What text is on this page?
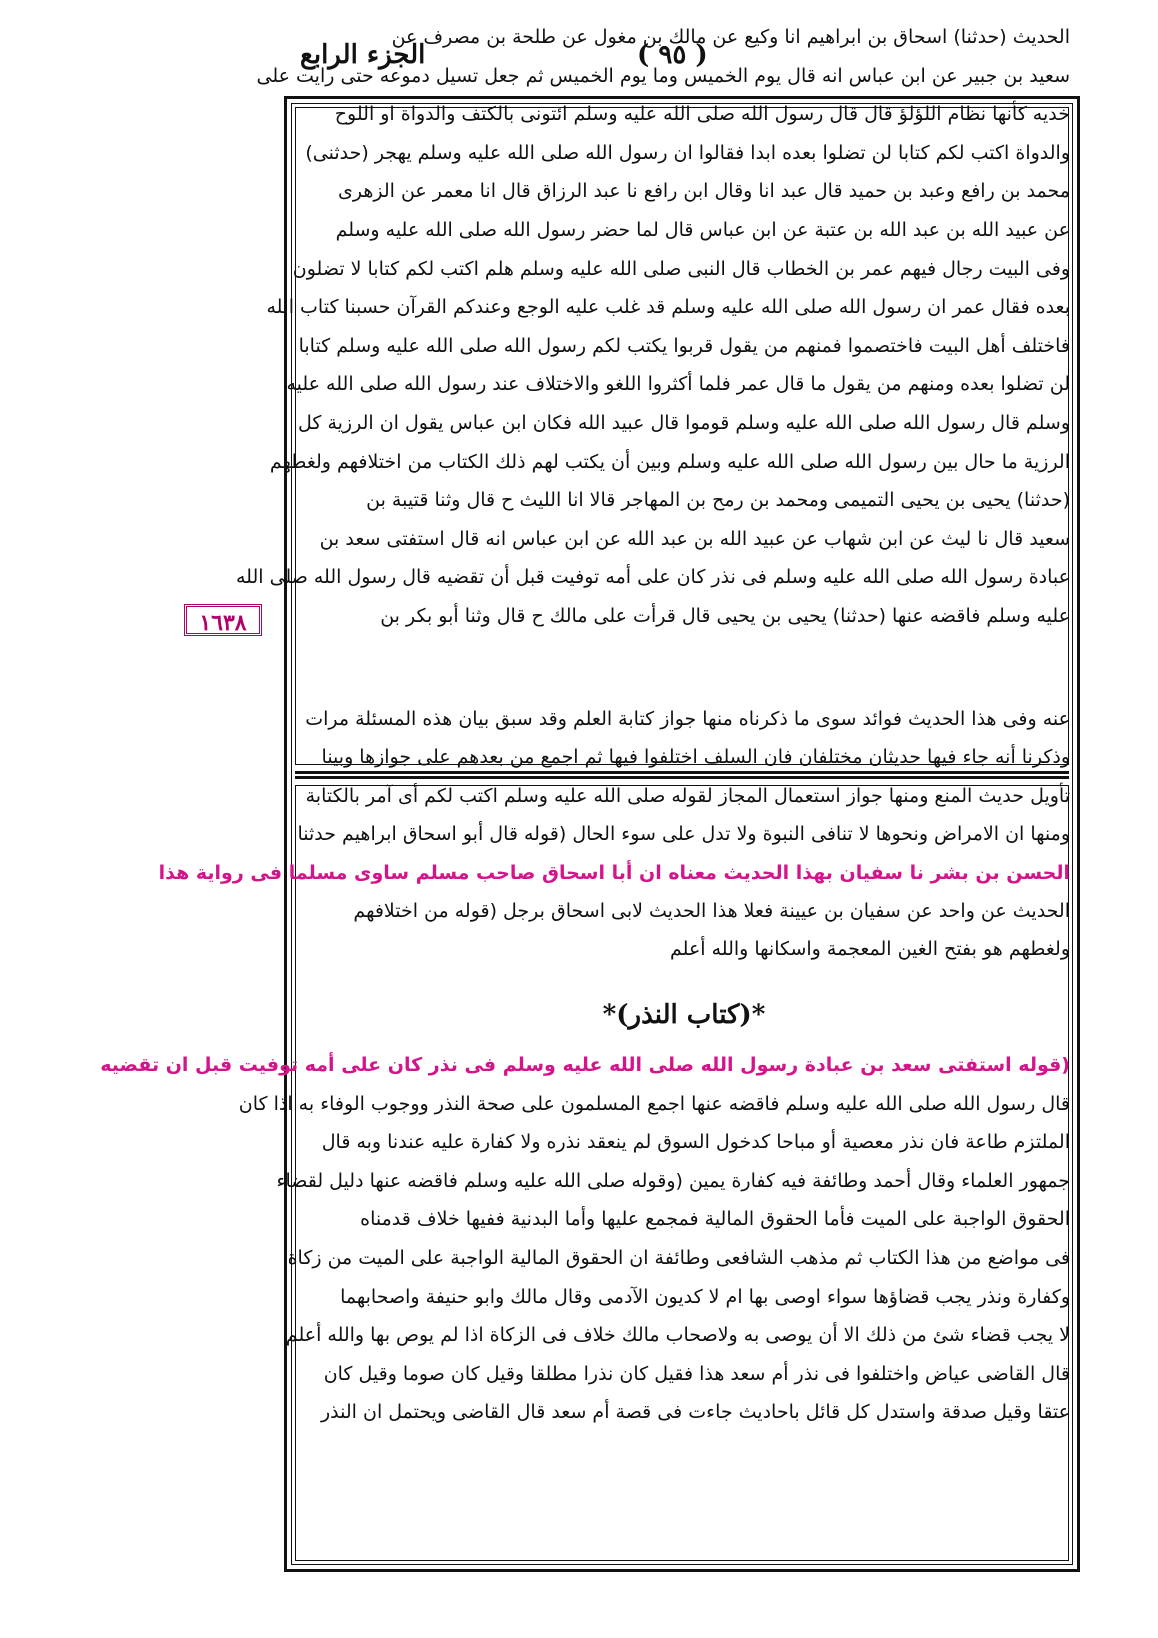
الجزء الرابع	( ٩٥ )
١٦٣٨
الحديث (حدثنا) اسحاق بن ابراهيم انا وكيع عن مالك بن مغول عن طلحة بن مصرف عن
سعيد بن جبير عن ابن عباس انه قال يوم الخميس وما يوم الخميس ثم جعل تسيل دموعه حتى رايت على
خديه كأنها نظام اللؤلؤ قال قال رسول الله صلى الله عليه وسلم ائتونى بالكتف والدواة او اللوح
والدواة اكتب لكم كتابا لن تضلوا بعده ابدا فقالوا ان رسول الله صلى الله عليه وسلم يهجر (حدثنى)
محمد بن رافع وعبد بن حميد قال عبد انا وقال ابن رافع نا عبد الرزاق قال انا معمر عن الزهرى
عن عبيد الله بن عبد الله بن عتبة عن ابن عباس قال لما حضر رسول الله صلى الله عليه وسلم
وفى البيت رجال فيهم عمر بن الخطاب قال النبى صلى الله عليه وسلم هلم اكتب لكم كتابا لا تضلون
بعده فقال عمر ان رسول الله صلى الله عليه وسلم قد غلب عليه الوجع وعندكم القرآن حسبنا كتاب الله
فاختلف أهل البيت فاختصموا فمنهم من يقول قربوا يكتب لكم رسول الله صلى الله عليه وسلم كتابا
لن تضلوا بعده ومنهم من يقول ما قال عمر فلما أكثروا اللغو والاختلاف عند رسول الله صلى الله عليه
وسلم قال رسول الله صلى الله عليه وسلم قوموا قال عبيد الله فكان ابن عباس يقول ان الرزية كل
الرزية ما حال بين رسول الله صلى الله عليه وسلم وبين أن يكتب لهم ذلك الكتاب من اختلافهم ولغطهم
(حدثنا) يحيى بن يحيى التميمى ومحمد بن رمح بن المهاجر قالا انا الليث ح قال وثنا قتيبة بن
سعيد قال نا ليث عن ابن شهاب عن عبيد الله بن عبد الله عن ابن عباس انه قال استفتى سعد بن
عبادة رسول الله صلى الله عليه وسلم فى نذر كان على أمه توفيت قبل أن تقضيه قال رسول الله صلى الله
عليه وسلم فاقضه عنها (حدثنا) يحيى بن يحيى قال قرأت على مالك ح قال وثنا أبو بكر بن
عنه وفى هذا الحديث فوائد سوى ما ذكرناه منها جواز كتابة العلم وقد سبق بيان هذه المسئلة مرات
وذكرنا أنه جاء فيها حديثان مختلفان فان السلف اختلفوا فيها ثم اجمع من بعدهم على جوازها وبينا
تأويل حديث المنع ومنها جواز استعمال المجاز لقوله صلى الله عليه وسلم اكتب لكم أى آمر بالكتابة
ومنها ان الامراض ونحوها لا تنافى النبوة ولا تدل على سوء الحال (قوله قال أبو اسحاق ابراهيم حدثنا
الحسن بن بشر نا سفيان بهذا الحديث معناه ان أبا اسحاق صاحب مسلم ساوى مسلما فى رواية هذا
الحديث عن واحد عن سفيان بن عيينة فعلا هذا الحديث لابى اسحاق برجل (قوله من اختلافهم
ولغطهم هو بفتح الغين المعجمة واسكانها والله أعلم
*(كتاب النذر)*
(قوله استفتى سعد بن عبادة رسول الله صلى الله عليه وسلم فى نذر كان على أمه توفيت قبل ان تقضيه
قال رسول الله صلى الله عليه وسلم فاقضه عنها اجمع المسلمون على صحة النذر ووجوب الوفاء به اذا كان
الملتزم طاعة فان نذر معصية أو مباحا كدخول السوق لم ينعقد نذره ولا كفارة عليه عندنا وبه قال
جمهور العلماء وقال أحمد وطائفة فيه كفارة يمين (وقوله صلى الله عليه وسلم فاقضه عنها دليل لقضاء
الحقوق الواجبة على الميت فأما الحقوق المالية فمجمع عليها وأما البدنية ففيها خلاف قدمناه
فى مواضع من هذا الكتاب ثم مذهب الشافعى وطائفة ان الحقوق المالية الواجبة على الميت من زكاة
وكفارة ونذر يجب قضاؤها سواء اوصى بها ام لا كديون الآدمى وقال مالك وابو حنيفة واصحابهما
لا يجب قضاء شئ من ذلك الا أن يوصى به ولاصحاب مالك خلاف فى الزكاة اذا لم يوص بها والله أعلم
قال القاضى عياض واختلفوا فى نذر أم سعد هذا فقيل كان نذرا مطلقا وقيل كان صوما وقيل كان
عتقا وقيل صدقة واستدل كل قائل باحاديث جاءت فى قصة أم سعد قال القاضى ويحتمل ان النذر
